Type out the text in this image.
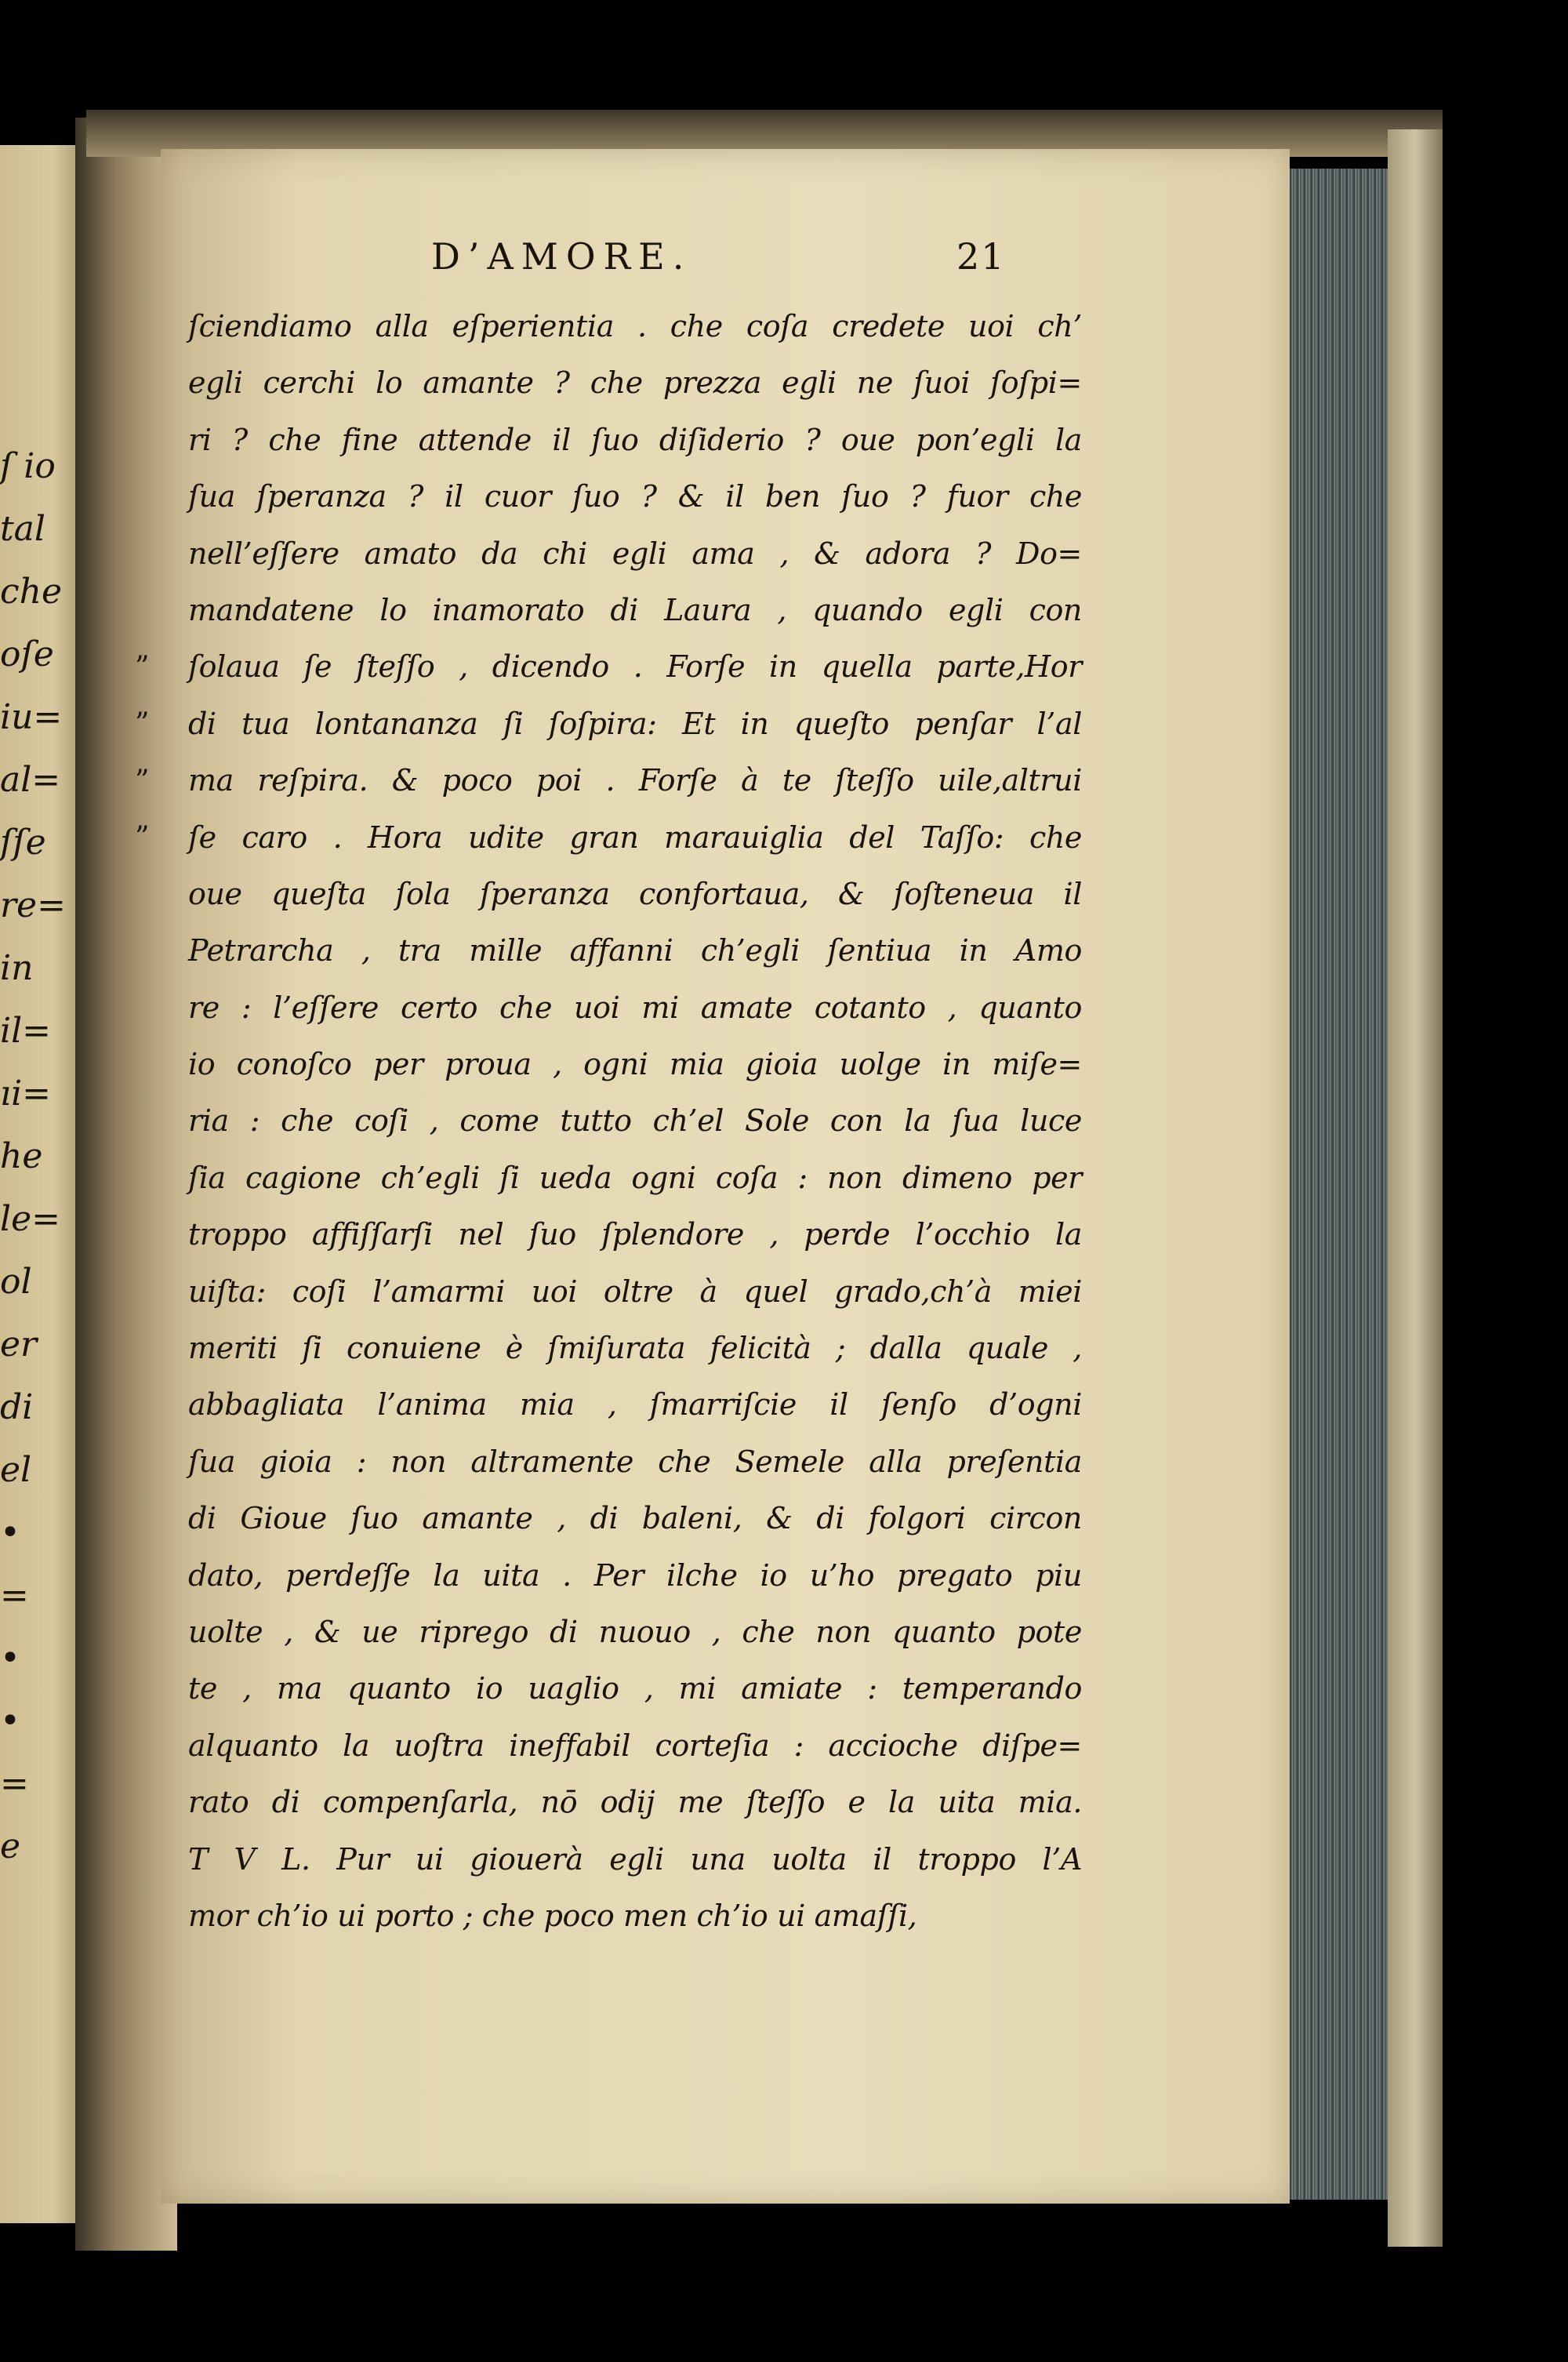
ſ io
tal
che
oſe
iu=
al=
ſſe
re=
in
il=
ıi=
he
le=
ol
er
di
el
•
=
•
•
=
e
D’AMORE.	21
”
”
”
”
ſciendiamo alla eſperientia . che coſa credete uoi ch’
egli cerchi lo amante ? che prezza egli ne ſuoi ſoſpi=
ri ? che fine attende il ſuo diſiderio ? oue pon’egli la
ſua ſperanza ? il cuor ſuo ? & il ben ſuo ? fuor che
nell’eſſere amato da chi egli ama , & adora ? Do=
mandatene lo inamorato di Laura , quando egli con
ſolaua ſe ſteſſo , dicendo . Forſe in quella parte,Hor
di tua lontananza ſi ſoſpira: Et in queſto penſar l’al
ma reſpira. & poco poi . Forſe à te ſteſſo uile,altrui
ſe caro . Hora udite gran marauiglia del Taſſo: che
oue queſta ſola ſperanza confortaua, & ſoſteneua il
Petrarcha , tra mille affanni ch’egli ſentiua in Amo
re : l’eſſere certo che uoi mi amate cotanto , quanto
io conoſco per proua , ogni mia gioia uolge in miſe=
ria : che coſi , come tutto ch’el Sole con la ſua luce
ſia cagione ch’egli ſi ueda ogni coſa : non dimeno per
troppo affiſſarſi nel ſuo ſplendore , perde l’occhio la
uiſta: coſi l’amarmi uoi oltre à quel grado,ch’à miei
meriti ſi conuiene è ſmiſurata felicità ; dalla quale ,
abbagliata l’anima mia , ſmarriſcie il ſenſo d’ogni
ſua gioia : non altramente che Semele alla preſentia
di Gioue ſuo amante , di baleni, & di folgori circon
dato, perdeſſe la uita . Per ilche io u’ho pregato piu
uolte , & ue riprego di nuouo , che non quanto pote
te , ma quanto io uaglio , mi amiate : temperando
alquanto la uoſtra ineffabil corteſia : accioche diſpe=
rato di compenſarla, nō odij me ſteſſo e la uita mia.
T V L. Pur ui giouerà egli una uolta il troppo l’A
mor ch’io ui porto ; che poco men ch’io ui amaſſi,
